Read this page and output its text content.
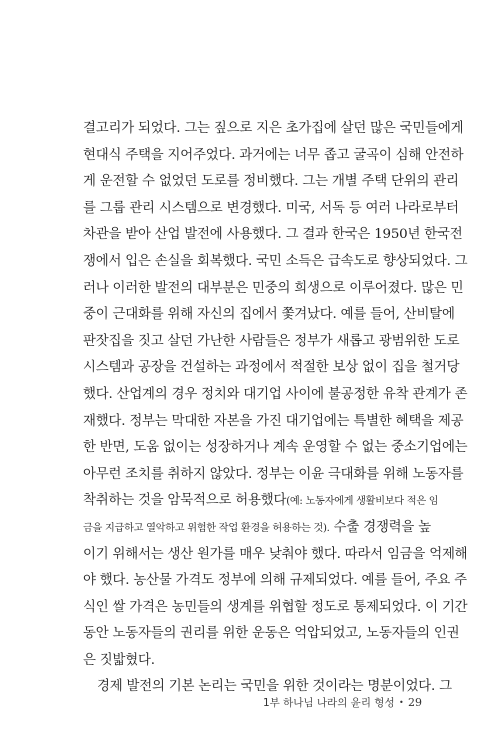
결고리가 되었다. 그는 짚으로 지은 초가집에 살던 많은 국민들에게
현대식 주택을 지어주었다. 과거에는 너무 좁고 굴곡이 심해 안전하
게 운전할 수 없었던 도로를 정비했다. 그는 개별 주택 단위의 관리
를 그룹 관리 시스템으로 변경했다. 미국, 서독 등 여러 나라로부터
차관을 받아 산업 발전에 사용했다. 그 결과 한국은 1950년 한국전
쟁에서 입은 손실을 회복했다. 국민 소득은 급속도로 향상되었다. 그
러나 이러한 발전의 대부분은 민중의 희생으로 이루어졌다. 많은 민
중이 근대화를 위해 자신의 집에서 쫓겨났다. 예를 들어, 산비탈에
판잣집을 짓고 살던 가난한 사람들은 정부가 새롭고 광범위한 도로
시스템과 공장을 건설하는 과정에서 적절한 보상 없이 집을 철거당
했다. 산업계의 경우 정치와 대기업 사이에 불공정한 유착 관계가 존
재했다. 정부는 막대한 자본을 가진 대기업에는 특별한 혜택을 제공
한 반면, 도움 없이는 성장하거나 계속 운영할 수 없는 중소기업에는
아무런 조치를 취하지 않았다. 정부는 이윤 극대화를 위해 노동자를
착취하는 것을 암묵적으로 허용했다(예: 노동자에게 생활비보다 적은 임
금을 지급하고 열악하고 위험한 작업 환경을 허용하는 것). 수출 경쟁력을 높
이기 위해서는 생산 원가를 매우 낮춰야 했다. 따라서 임금을 억제해
야 했다. 농산물 가격도 정부에 의해 규제되었다. 예를 들어, 주요 주
식인 쌀 가격은 농민들의 생계를 위협할 정도로 통제되었다. 이 기간
동안 노동자들의 권리를 위한 운동은 억압되었고, 노동자들의 인권
은 짓밟혔다.
경제 발전의 기본 논리는 국민을 위한 것이라는 명분이었다. 그
1부 하나님 나라의 윤리 형성 • 29
